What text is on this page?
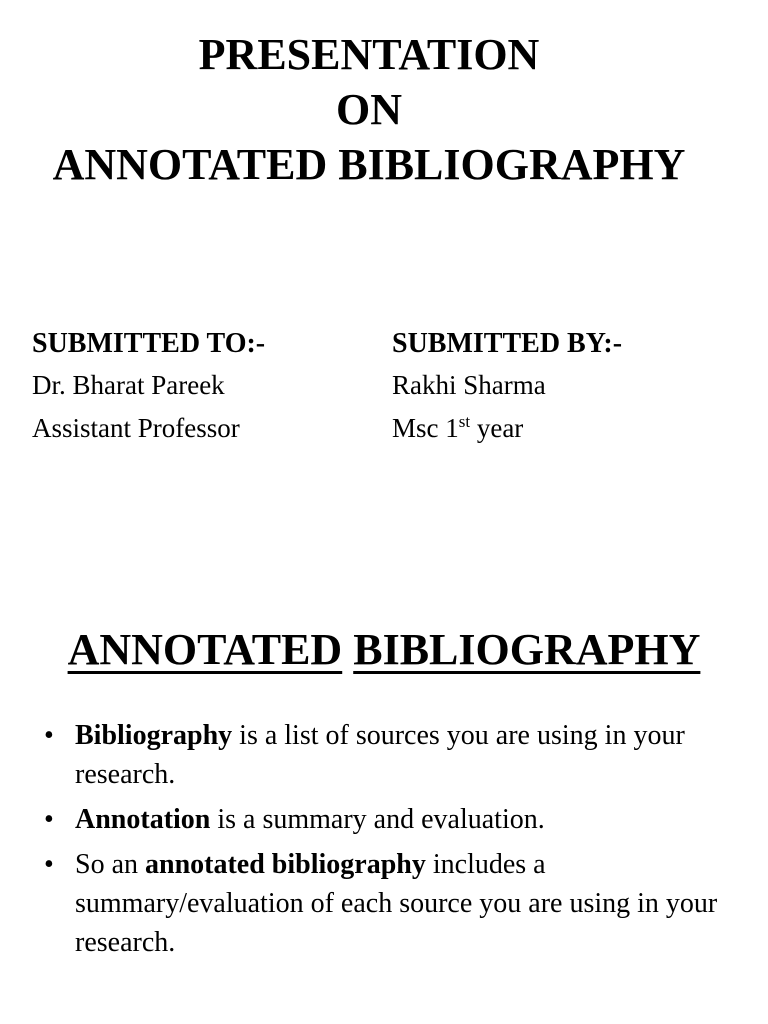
PRESENTATION
ON
ANNOTATED BIBLIOGRAPHY
SUBMITTED TO:-
Dr. Bharat Pareek
Assistant Professor
SUBMITTED BY:-
Rakhi Sharma
Msc 1st year
ANNOTATED BIBLIOGRAPHY
• Bibliography is a list of sources you are using in your research.
• Annotation is a summary and evaluation.
• So an annotated bibliography includes a summary/evaluation of each source you are using in your research.
